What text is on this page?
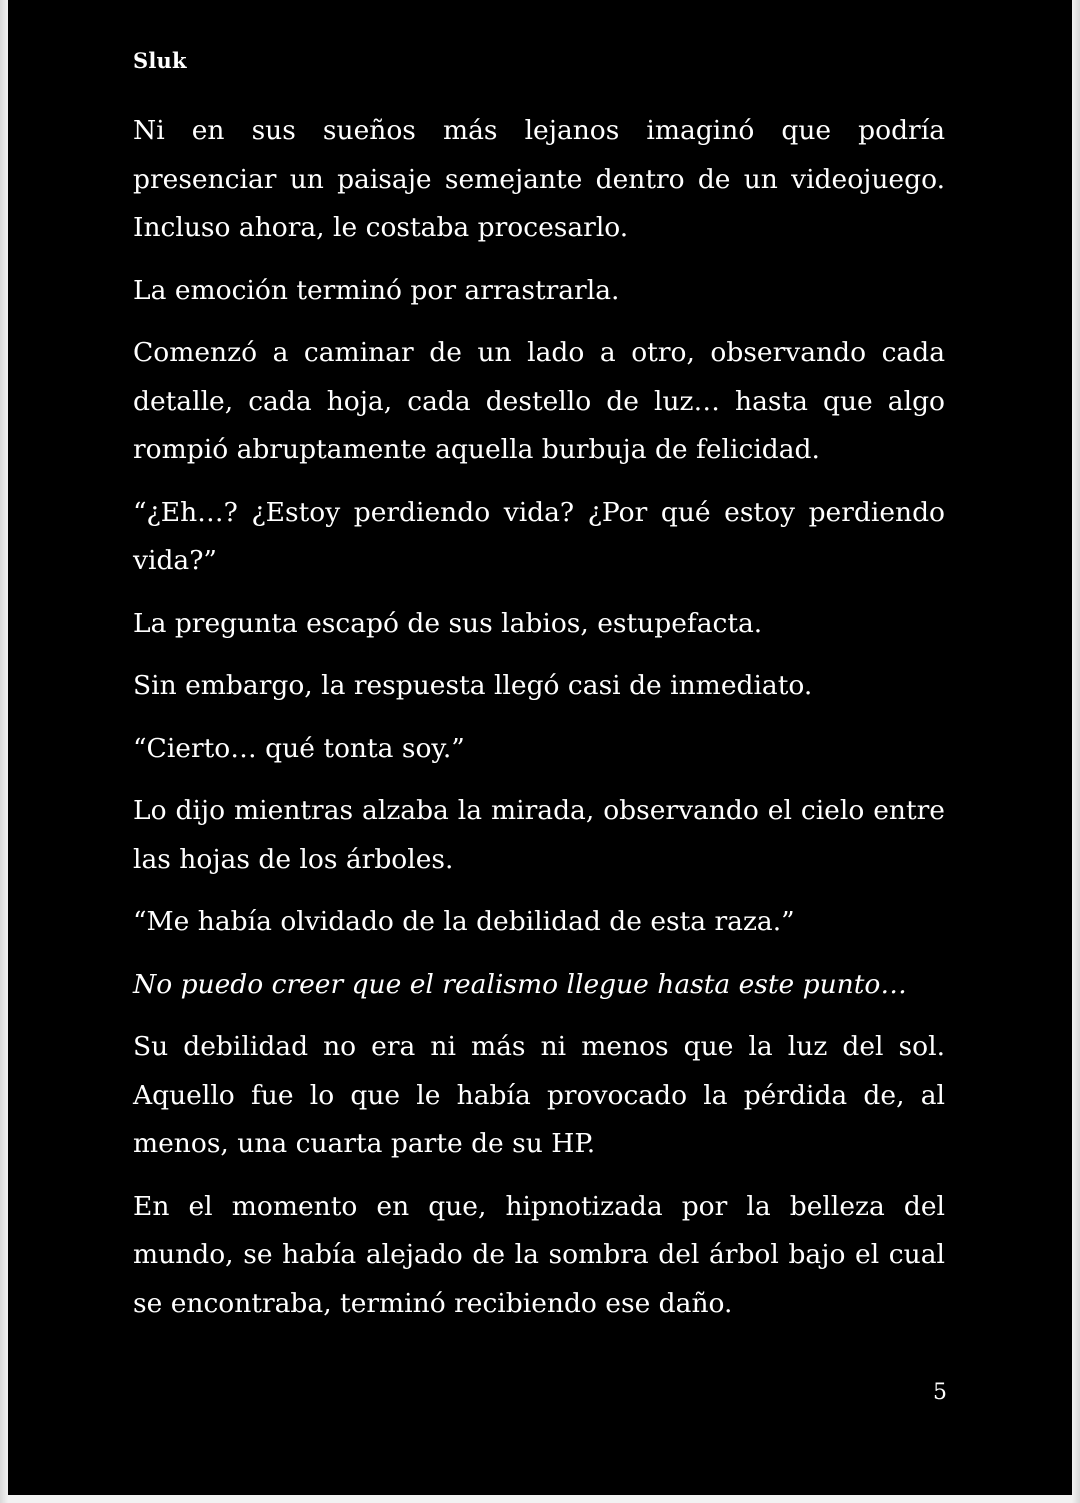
Sluk

Ni en sus sueños más lejanos imaginó que podría presenciar un paisaje semejante dentro de un videojuego. Incluso ahora, le costaba procesarlo.

La emoción terminó por arrastrarla.

Comenzó a caminar de un lado a otro, observando cada detalle, cada hoja, cada destello de luz… hasta que algo rompió abruptamente aquella burbuja de felicidad.

“¿Eh…? ¿Estoy perdiendo vida? ¿Por qué estoy perdiendo vida?”

La pregunta escapó de sus labios, estupefacta.

Sin embargo, la respuesta llegó casi de inmediato.

“Cierto… qué tonta soy.”

Lo dijo mientras alzaba la mirada, observando el cielo entre las hojas de los árboles.

“Me había olvidado de la debilidad de esta raza.”

No puedo creer que el realismo llegue hasta este punto…

Su debilidad no era ni más ni menos que la luz del sol. Aquello fue lo que le había provocado la pérdida de, al menos, una cuarta parte de su HP.

En el momento en que, hipnotizada por la belleza del mundo, se había alejado de la sombra del árbol bajo el cual se encontraba, terminó recibiendo ese daño.

5
